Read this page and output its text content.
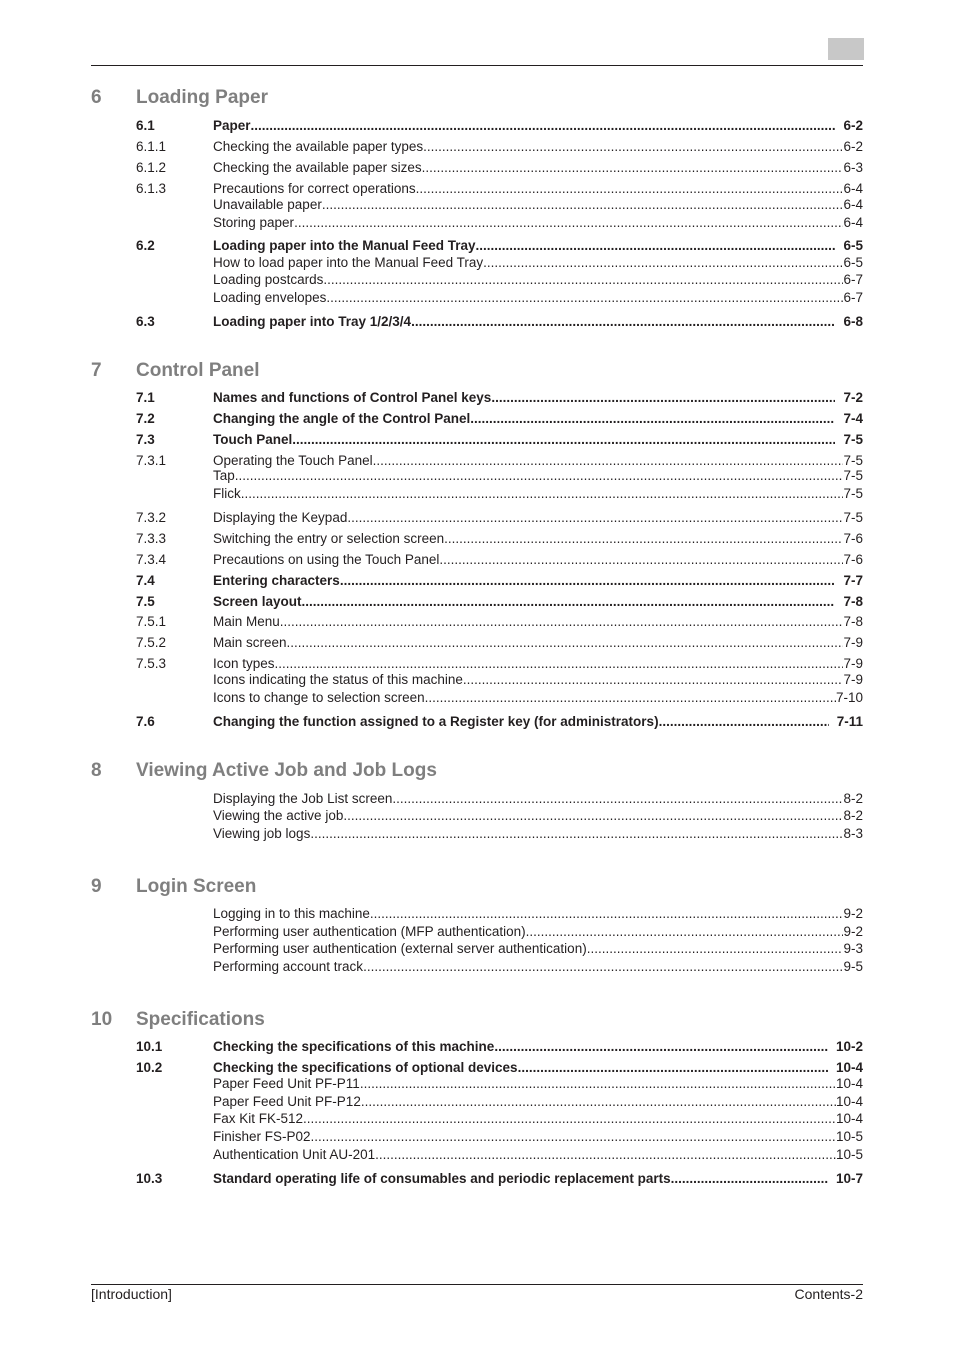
6 Loading Paper
6.1	Paper .....	6-2
6.1.1	Checking the available paper types .....	6-2
6.1.2	Checking the available paper sizes .....	6-3
6.1.3	Precautions for correct operations .....	6-4
Unavailable paper .....	6-4
Storing paper .....	6-4
6.2	Loading paper into the Manual Feed Tray .....	6-5
How to load paper into the Manual Feed Tray .....	6-5
Loading postcards .....	6-7
Loading envelopes .....	6-7
6.3	Loading paper into Tray 1/2/3/4 .....	6-8
7 Control Panel
7.1	Names and functions of Control Panel keys .....	7-2
7.2	Changing the angle of the Control Panel .....	7-4
7.3	Touch Panel .....	7-5
7.3.1	Operating the Touch Panel .....	7-5
Tap .....	7-5
Flick .....	7-5
7.3.2	Displaying the Keypad .....	7-5
7.3.3	Switching the entry or selection screen .....	7-6
7.3.4	Precautions on using the Touch Panel .....	7-6
7.4	Entering characters .....	7-7
7.5	Screen layout .....	7-8
7.5.1	Main Menu .....	7-8
7.5.2	Main screen .....	7-9
7.5.3	Icon types .....	7-9
Icons indicating the status of this machine .....	7-9
Icons to change to selection screen .....	7-10
7.6	Changing the function assigned to a Register key (for administrators) .....	7-11
8 Viewing Active Job and Job Logs
Displaying the Job List screen .....	8-2
Viewing the active job .....	8-2
Viewing job logs .....	8-3
9 Login Screen
Logging in to this machine .....	9-2
Performing user authentication (MFP authentication) .....	9-2
Performing user authentication (external server authentication) .....	9-3
Performing account track .....	9-5
10 Specifications
10.1	Checking the specifications of this machine .....	10-2
10.2	Checking the specifications of optional devices .....	10-4
Paper Feed Unit PF-P11 .....	10-4
Paper Feed Unit PF-P12 .....	10-4
Fax Kit FK-512 .....	10-4
Finisher FS-P02 .....	10-5
Authentication Unit AU-201 .....	10-5
10.3	Standard operating life of consumables and periodic replacement parts .....	10-7
[Introduction]	Contents-2
